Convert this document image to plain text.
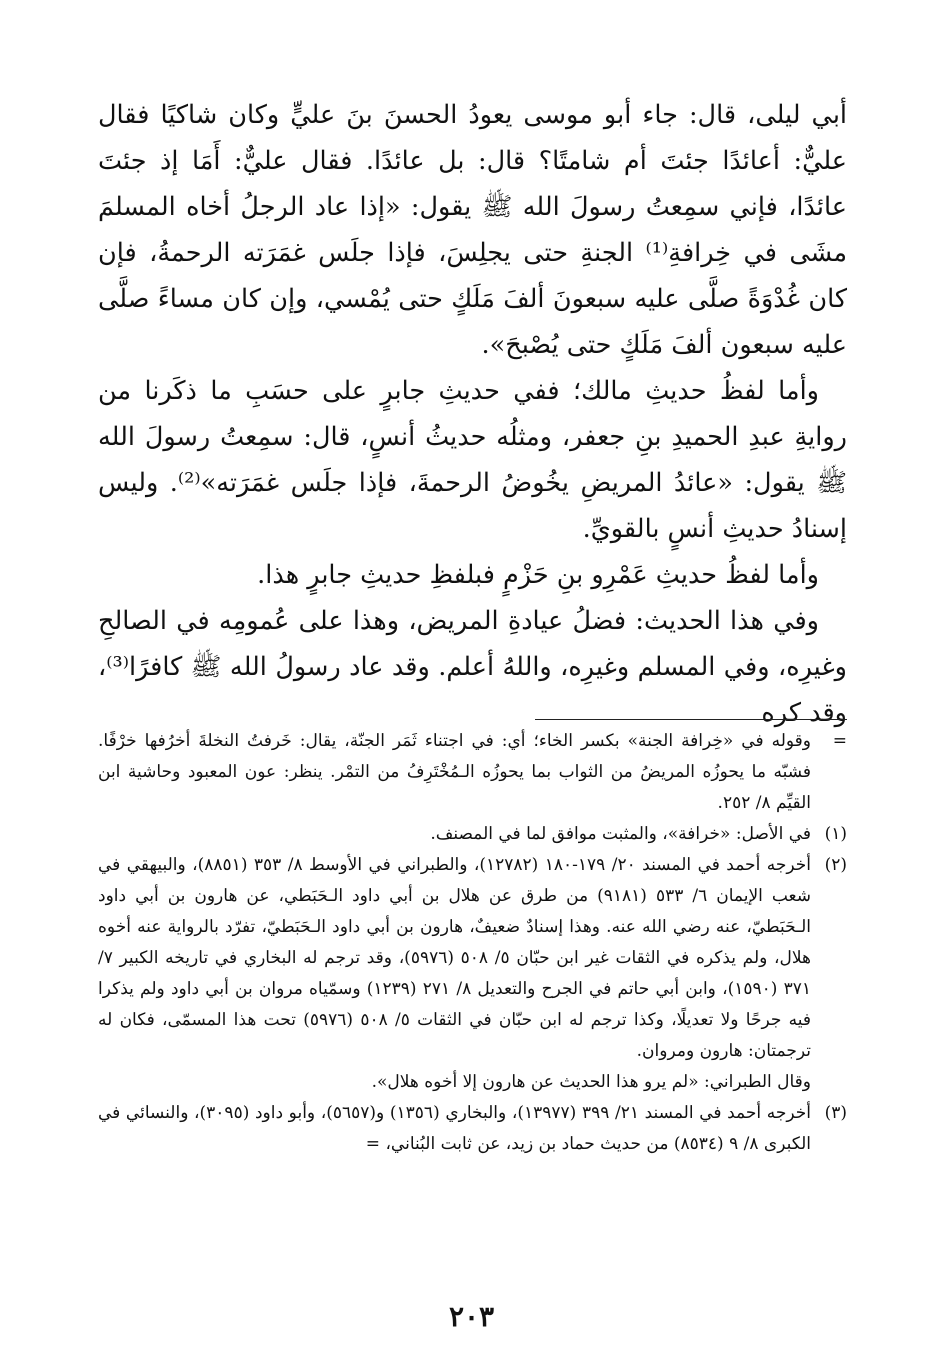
أبي ليلى، قال: جاء أبو موسى يعودُ الحسنَ بنَ عليٍّ وكان شاكيًا فقال عليٌّ: أعائدًا جئتَ أم شامتًا؟ قال: بل عائدًا. فقال عليٌّ: أَمَا إذ جئتَ عائدًا، فإني سمِعتُ رسولَ الله ﷺ يقول: «إذا عاد الرجلُ أخاه المسلمَ مشَى في خِرافةِ⁽¹⁾ الجنةِ حتى يجلِسَ، فإذا جلَس غمَرَته الرحمةُ، فإن كان غُدْوَةً صلَّى عليه سبعونَ ألفَ مَلَكٍ حتى يُمْسي، وإن كان مساءً صلَّى عليه سبعون ألفَ مَلَكٍ حتى يُصْبحَ».

وأما لفظُ حديثِ مالك؛ ففي حديثِ جابرٍ على حسَبِ ما ذكَرنا من روايةِ عبدِ الحميدِ بنِ جعفر، ومثلُه حديثُ أنسٍ، قال: سمِعتُ رسولَ الله ﷺ يقول: «عائدُ المريضِ يخُوضُ الرحمةَ، فإذا جلَس غمَرَته»⁽²⁾. وليس إسنادُ حديثِ أنسٍ بالقويِّ.

وأما لفظُ حديثِ عَمْرِو بنِ حَزْمٍ فبلفظِ حديثِ جابرٍ هذا.

وفي هذا الحديث: فضلُ عيادةِ المريض، وهذا على عُمومِه في الصالحِ وغيرِه، وفي المسلم وغيرِه، واللهُ أعلم. وقد عاد رسولُ الله ﷺ كافرًا⁽³⁾، وقد كره

=
وقوله في «خِرافة الجنة» بكسر الخاء؛ أي: في اجتناء ثَمَر الجنّة، يقال: خَرفتُ النخلةَ أخرُفها خرْفًا. فشبّه ما يحوزُه المريضُ من الثواب بما يحوزُه الـمُخْتَرِفُ من التمْر. ينظر: عون المعبود وحاشية ابن القيِّم ٨/ ٢٥٢.
(١)
في الأصل: «خرافة»، والمثبت موافق لما في المصنف.
(٢)
أخرجه أحمد في المسند ٢٠/ ١٧٩-١٨٠ (١٢٧٨٢)، والطبراني في الأوسط ٨/ ٣٥٣ (٨٨٥١)، والبيهقي في شعب الإيمان ٦/ ٥٣٣ (٩١٨١) من طرق عن هلال بن أبي داود الـحَبَطي، عن هارون بن أبي داود الـحَبَطيّ، عنه رضي الله عنه. وهذا إسنادٌ ضعيفٌ، هارون بن أبي داود الـحَبَطيّ، تفرّد بالرواية عنه أخوه هلال، ولم يذكره في الثقات غير ابن حبّان ٥/ ٥٠٨ (٥٩٧٦)، وقد ترجم له البخاري في تاريخه الكبير ٧/ ٣٧١ (١٥٩٠)، وابن أبي حاتم في الجرح والتعديل ٨/ ٢٧١ (١٢٣٩) وسمّياه مروان بن أبي داود ولم يذكرا فيه جرحًا ولا تعديلًا، وكذا ترجم له ابن حبّان في الثقات ٥/ ٥٠٨ (٥٩٧٦) تحت هذا المسمّى، فكان له ترجمتان: هارون ومروان.
وقال الطبراني: «لم يرو هذا الحديث عن هارون إلا أخوه هلال».
(٣)
أخرجه أحمد في المسند ٢١/ ٣٩٩ (١٣٩٧٧)، والبخاري (١٣٥٦) و(٥٦٥٧)، وأبو داود (٣٠٩٥)، والنسائي في الكبرى ٨/ ٩ (٨٥٣٤) من حديث حماد بن زيد، عن ثابت البُناني، =
٢٠٣
